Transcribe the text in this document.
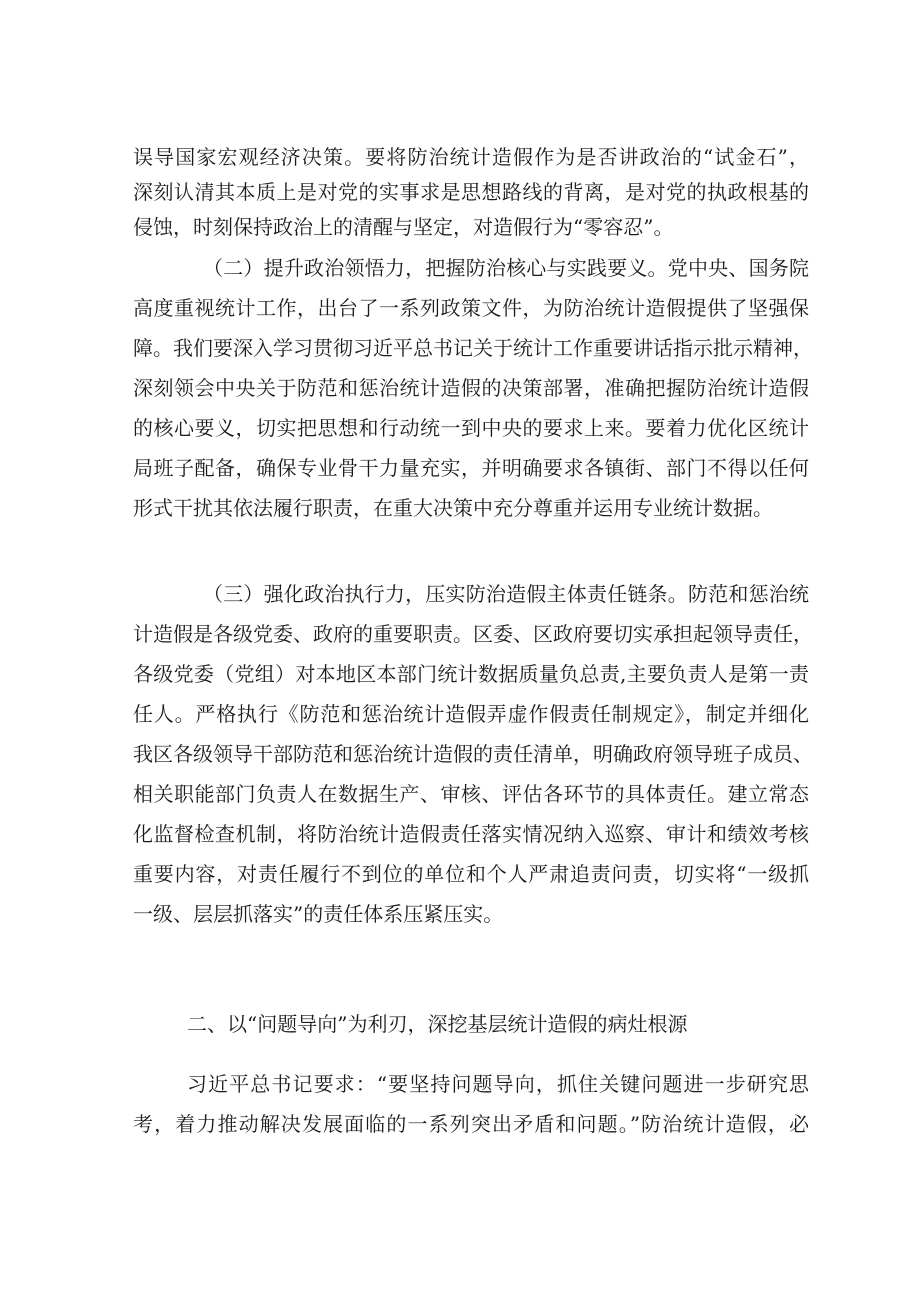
误导国家宏观经济决策。要将防治统计造假作为是否讲政治的“试金石”，
深刻认清其本质上是对党的实事求是思想路线的背离，是对党的执政根基的
侵蚀，时刻保持政治上的清醒与坚定，对造假行为“零容忍”。
（二）提升政治领悟力，把握防治核心与实践要义。党中央、国务院
高度重视统计工作，出台了一系列政策文件，为防治统计造假提供了坚强保
障。我们要深入学习贯彻习近平总书记关于统计工作重要讲话指示批示精神，
深刻领会中央关于防范和惩治统计造假的决策部署，准确把握防治统计造假
的核心要义，切实把思想和行动统一到中央的要求上来。要着力优化区统计
局班子配备，确保专业骨干力量充实，并明确要求各镇街、部门不得以任何
形式干扰其依法履行职责，在重大决策中充分尊重并运用专业统计数据。
（三）强化政治执行力，压实防治造假主体责任链条。防范和惩治统
计造假是各级党委、政府的重要职责。区委、区政府要切实承担起领导责任，
各级党委（党组）对本地区本部门统计数据质量负总责,主要负责人是第一责
任人。严格执行《防范和惩治统计造假弄虚作假责任制规定》，制定并细化
我区各级领导干部防范和惩治统计造假的责任清单，明确政府领导班子成员、
相关职能部门负责人在数据生产、审核、评估各环节的具体责任。建立常态
化监督检查机制，将防治统计造假责任落实情况纳入巡察、审计和绩效考核
重要内容，对责任履行不到位的单位和个人严肃追责问责，切实将“一级抓
一级、层层抓落实”的责任体系压紧压实。
二、以“问题导向”为利刃，深挖基层统计造假的病灶根源
习近平总书记要求：“要坚持问题导向，抓住关键问题进一步研究思
考，着力推动解决发展面临的一系列突出矛盾和问题。”防治统计造假，必
